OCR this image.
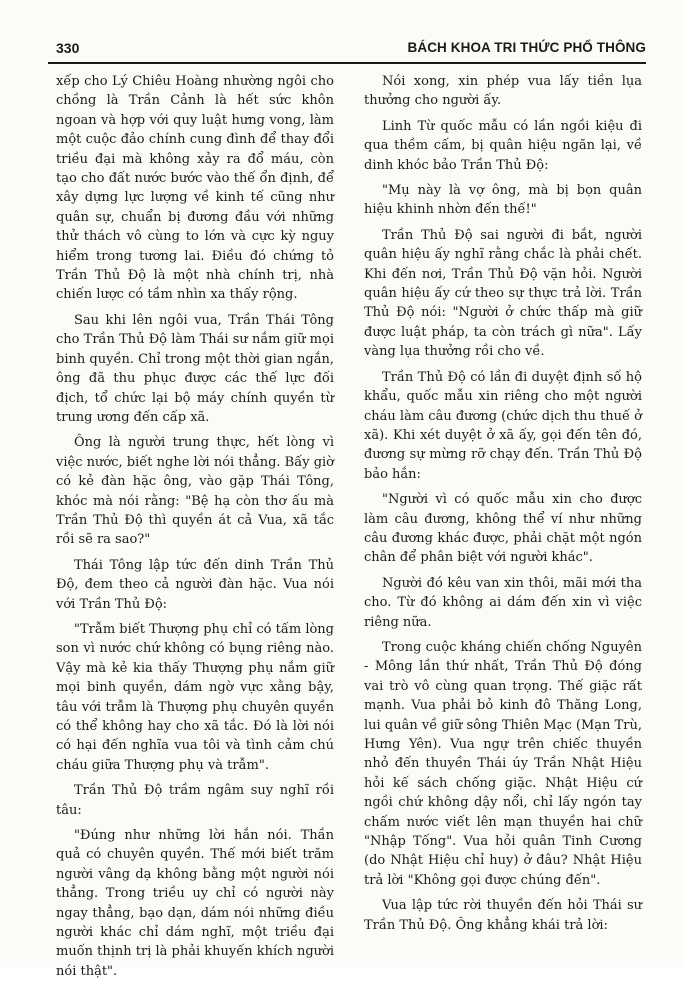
330	BÁCH KHOA TRI THỨC PHỔ THÔNG

xếp cho Lý Chiêu Hoàng nhường ngôi cho chồng là Trần Cảnh là hết sức khôn ngoan và hợp với quy luật hưng vong, làm một cuộc đảo chính cung đình để thay đổi triều đại mà không xảy ra đổ máu, còn tạo cho đất nước bước vào thế ổn định, để xây dựng lực lượng về kinh tế cũng như quân sự, chuẩn bị đương đầu với những thử thách vô cùng to lớn và cực kỳ nguy hiểm trong tương lai. Điều đó chứng tỏ Trần Thủ Độ là một nhà chính trị, nhà chiến lược có tầm nhìn xa thấy rộng.

Sau khi lên ngôi vua, Trần Thái Tông cho Trần Thủ Độ làm Thái sư nắm giữ mọi binh quyền. Chỉ trong một thời gian ngắn, ông đã thu phục được các thế lực đối địch, tổ chức lại bộ máy chính quyền từ trung ương đến cấp xã.

Ông là người trung thực, hết lòng vì việc nước, biết nghe lời nói thẳng. Bấy giờ có kẻ đàn hặc ông, vào gặp Thái Tông, khóc mà nói rằng: "Bệ hạ còn thơ ấu mà Trần Thủ Độ thì quyền át cả Vua, xã tắc rồi sẽ ra sao?"

Thái Tông lập tức đến dinh Trần Thủ Độ, đem theo cả người đàn hặc. Vua nói với Trần Thủ Độ:

"Trẫm biết Thượng phụ chỉ có tấm lòng son vì nước chứ không có bụng riêng nào. Vậy mà kẻ kia thấy Thượng phụ nắm giữ mọi binh quyền, dám ngờ vực xằng bậy, tâu với trẫm là Thượng phụ chuyên quyền có thể không hay cho xã tắc. Đó là lời nói có hại đến nghĩa vua tôi và tình cảm chú cháu giữa Thượng phụ và trẫm".

Trần Thủ Độ trầm ngâm suy nghĩ rồi tâu:

"Đúng như những lời hắn nói. Thần quả có chuyên quyền. Thế mới biết trăm người vâng dạ không bằng một người nói thẳng. Trong triều uy chỉ có người này ngay thẳng, bạo dạn, dám nói những điều người khác chỉ dám nghĩ, một triều đại muốn thịnh trị là phải khuyến khích người nói thật".

Nói xong, xin phép vua lấy tiền lụa thưởng cho người ấy.

Linh Từ quốc mẫu có lần ngồi kiệu đi qua thềm cấm, bị quân hiệu ngăn lại, về dinh khóc bảo Trần Thủ Độ:

"Mụ này là vợ ông, mà bị bọn quân hiệu khinh nhờn đến thế!"

Trần Thủ Độ sai người đi bắt, người quân hiệu ấy nghĩ rằng chắc là phải chết. Khi đến nơi, Trần Thủ Độ vặn hỏi. Người quân hiệu ấy cứ theo sự thực trả lời. Trần Thủ Độ nói: "Người ở chức thấp mà giữ được luật pháp, ta còn trách gì nữa". Lấy vàng lụa thưởng rồi cho về.

Trần Thủ Độ có lần đi duyệt định số hộ khẩu, quốc mẫu xin riêng cho một người cháu làm câu đương (chức dịch thu thuế ở xã). Khi xét duyệt ở xã ấy, gọi đến tên đó, đương sự mừng rỡ chạy đến. Trần Thủ Độ bảo hắn:

"Người vì có quốc mẫu xin cho được làm câu đương, không thể ví như những câu đương khác được, phải chặt một ngón chân để phân biệt với người khác".

Người đó kêu van xin thôi, mãi mới tha cho. Từ đó không ai dám đến xin vì việc riêng nữa.

Trong cuộc kháng chiến chống Nguyên - Mông lần thứ nhất, Trần Thủ Độ đóng vai trò vô cùng quan trọng. Thế giặc rất mạnh. Vua phải bỏ kinh đô Thăng Long, lui quân về giữ sông Thiên Mạc (Mạn Trù, Hưng Yên). Vua ngự trên chiếc thuyền nhỏ đến thuyền Thái úy Trần Nhật Hiệu hỏi kế sách chống giặc. Nhật Hiệu cứ ngồi chứ không dậy nổi, chỉ lấy ngón tay chấm nước viết lên mạn thuyền hai chữ "Nhập Tống". Vua hỏi quân Tinh Cương (do Nhật Hiệu chỉ huy) ở đâu? Nhật Hiệu trả lời "Không gọi được chúng đến".

Vua lập tức rời thuyền đến hỏi Thái sư Trần Thủ Độ. Ông khẳng khái trả lời:
